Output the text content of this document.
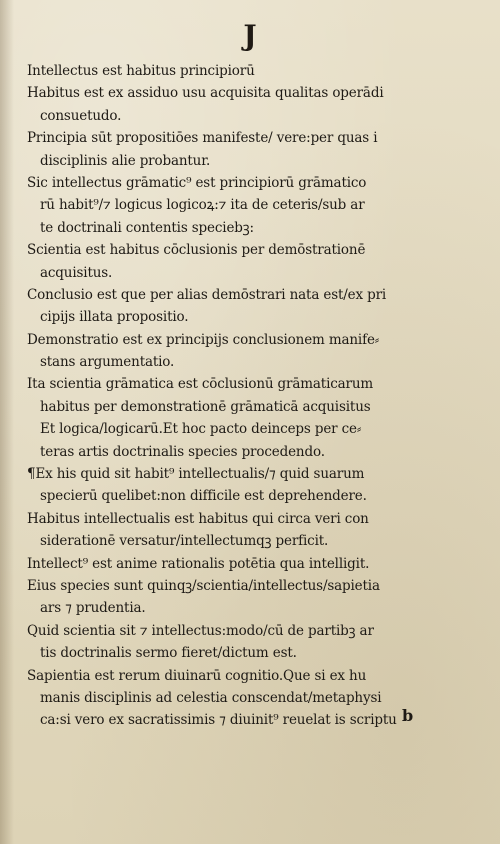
J
Intellectus est habitus principiorū
Habitus est ex assiduo usu acquisita qualitas operādi
consuetudo.
Principia sūt propositiōes manifeste/ vere:per quas i
disciplinis alie probantur.
Sic intellectus grāmatic⁹ est principiorū grāmatico
rū habit⁹/⁊ logicus logicoꝝ:⁊ ita de ceteris/sub ar
te doctrinali contentis speciebꝫ:
Scientia est habitus cōclusionis per demōstrationē
acquisitus.
Conclusio est que per alias demōstrari nata est/ex pri
cipijs illata propositio.
Demonstratio est ex principijs conclusionem manife⸗
stans argumentatio.
Ita scientia grāmatica est cōclusionū grāmaticarum
habitus per demonstrationē grāmaticā acquisitus
Et logica/logicarū.Et hoc pacto deinceps per ce⸗
teras artis doctrinalis species procedendo.
¶Ex his quid sit habit⁹ intellectualis/⁊ quid suarum
specierū quelibet:non difficile est deprehendere.
Habitus intellectualis est habitus qui circa veri con
siderationē versatur/intellectumqꝫ perficit.
Intellect⁹ est anime rationalis potētia qua intelligit.
Eius species sunt quinqꝫ/scientia/intellectus/sapietia
ars ⁊ prudentia.
Quid scientia sit ⁊ intellectus:modo/cū de partibꝫ ar
tis doctrinalis sermo fieret/dictum est.
Sapientia est rerum diuinarū cognitio.Que si ex hu
manis disciplinis ad celestia conscendat/metaphysi
ca:si vero ex sacratissimis ⁊ diuinit⁹ reuelat is scriptu b
